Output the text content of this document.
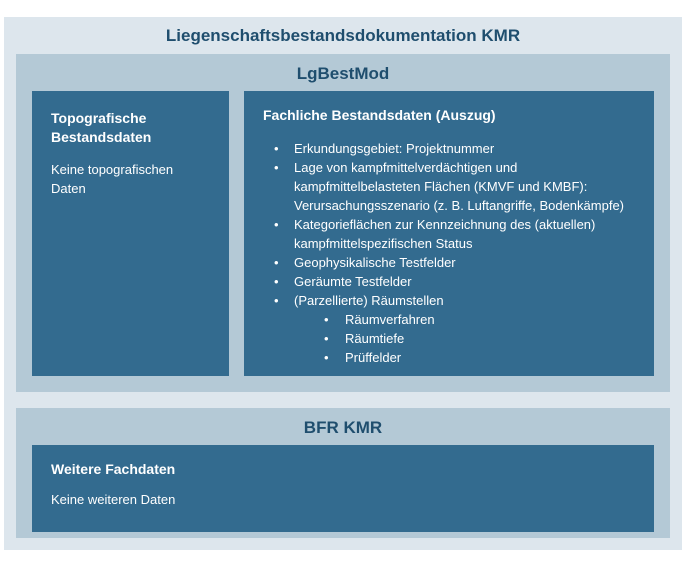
Liegenschaftsbestandsdokumentation KMR
LgBestMod
Topografische
Bestandsdaten
Keine topografischen
Daten
Fachliche Bestandsdaten (Auszug)
• Erkundungsgebiet: Projektnummer
• Lage von kampfmittelverdächtigen und
kampfmittelbelasteten Flächen (KMVF und KMBF):
Verursachungsszenario (z. B. Luftangriffe, Bodenkämpfe)
• Kategorieflächen zur Kennzeichnung des (aktuellen)
kampfmittelspezifischen Status
• Geophysikalische Testfelder
• Geräumte Testfelder
• (Parzellierte) Räumstellen
• Räumverfahren
• Räumtiefe
• Prüffelder
BFR KMR
Weitere Fachdaten
Keine weiteren Daten
